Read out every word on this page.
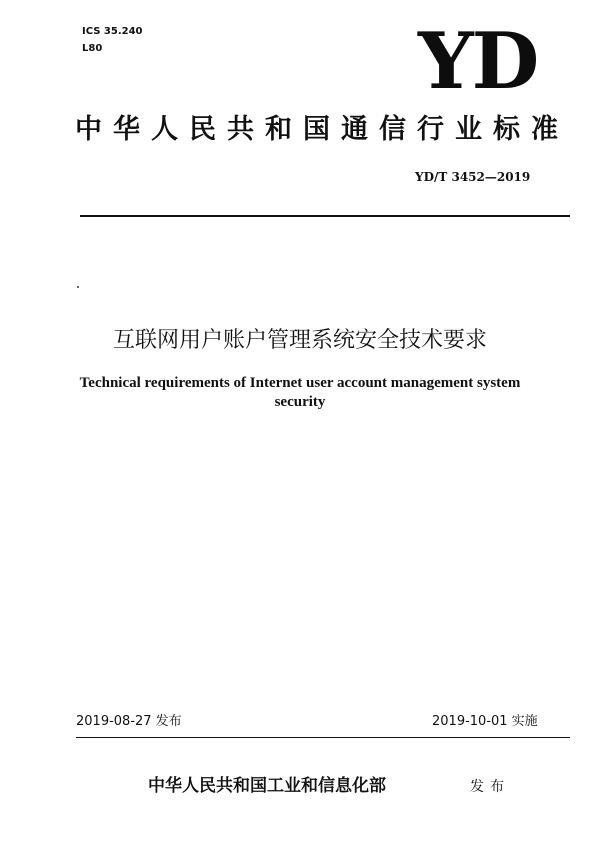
ICS 35.240
L80	YD
中华人民共和国通信行业标准
YD/T 3452—2019
互联网用户账户管理系统安全技术要求
Technical requirements of Internet user account management system
security
2019-08-27 发布	2019-10-01 实施
中华人民共和国工业和信息化部	发布
